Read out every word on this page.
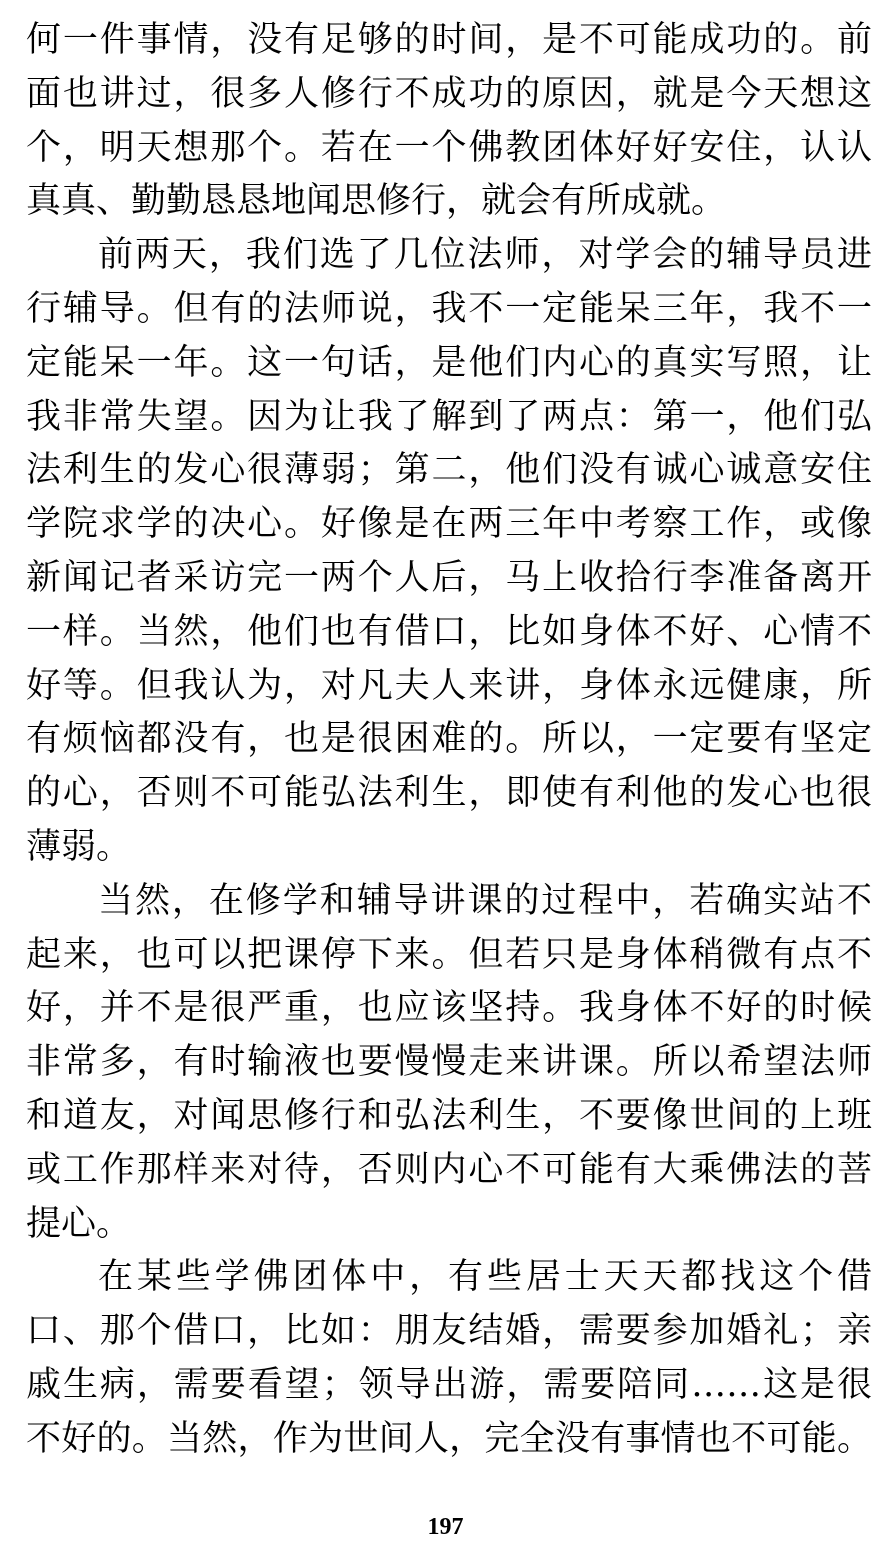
何一件事情，没有足够的时间，是不可能成功的。前
面也讲过，很多人修行不成功的原因，就是今天想这
个，明天想那个。若在一个佛教团体好好安住，认认
真真、勤勤恳恳地闻思修行，就会有所成就。
前两天，我们选了几位法师，对学会的辅导员进
行辅导。但有的法师说，我不一定能呆三年，我不一
定能呆一年。这一句话，是他们内心的真实写照，让
我非常失望。因为让我了解到了两点：第一，他们弘
法利生的发心很薄弱；第二，他们没有诚心诚意安住
学院求学的决心。好像是在两三年中考察工作，或像
新闻记者采访完一两个人后，马上收拾行李准备离开
一样。当然，他们也有借口，比如身体不好、心情不
好等。但我认为，对凡夫人来讲，身体永远健康，所
有烦恼都没有，也是很困难的。所以，一定要有坚定
的心，否则不可能弘法利生，即使有利他的发心也很
薄弱。
当然，在修学和辅导讲课的过程中，若确实站不
起来，也可以把课停下来。但若只是身体稍微有点不
好，并不是很严重，也应该坚持。我身体不好的时候
非常多，有时输液也要慢慢走来讲课。所以希望法师
和道友，对闻思修行和弘法利生，不要像世间的上班
或工作那样来对待，否则内心不可能有大乘佛法的菩
提心。
在某些学佛团体中，有些居士天天都找这个借
口、那个借口，比如：朋友结婚，需要参加婚礼；亲
戚生病，需要看望；领导出游，需要陪同……这是很
不好的。当然，作为世间人，完全没有事情也不可能。
197
